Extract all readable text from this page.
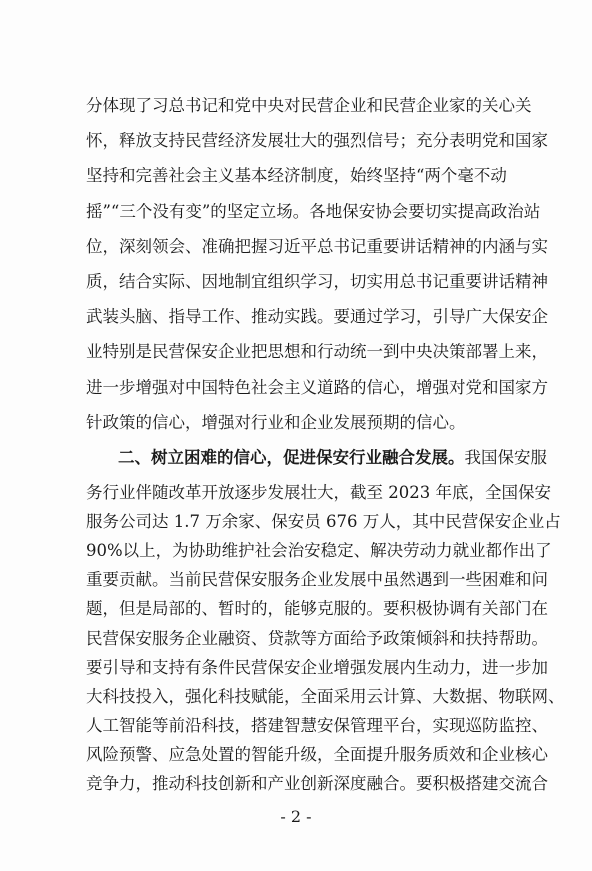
分体现了习总书记和党中央对民营企业和民营企业家的关心关
怀，释放支持民营经济发展壮大的强烈信号；充分表明党和国家
坚持和完善社会主义基本经济制度，始终坚持“两个毫不动
摇”“三个没有变”的坚定立场。各地保安协会要切实提高政治站
位，深刻领会、准确把握习近平总书记重要讲话精神的内涵与实
质，结合实际、因地制宜组织学习，切实用总书记重要讲话精神
武装头脑、指导工作、推动实践。要通过学习，引导广大保安企
业特别是民营保安企业把思想和行动统一到中央决策部署上来，
进一步增强对中国特色社会主义道路的信心，增强对党和国家方
针政策的信心，增强对行业和企业发展预期的信心。
二、树立困难的信心，促进保安行业融合发展。我国保安服
务行业伴随改革开放逐步发展壮大，截至 2023 年底，全国保安
服务公司达 1.7 万余家、保安员 676 万人，其中民营保安企业占
90%以上，为协助维护社会治安稳定、解决劳动力就业都作出了
重要贡献。当前民营保安服务企业发展中虽然遇到一些困难和问
题，但是局部的、暂时的，能够克服的。要积极协调有关部门在
民营保安服务企业融资、贷款等方面给予政策倾斜和扶持帮助。
要引导和支持有条件民营保安企业增强发展内生动力，进一步加
大科技投入，强化科技赋能，全面采用云计算、大数据、物联网、
人工智能等前沿科技，搭建智慧安保管理平台，实现巡防监控、
风险预警、应急处置的智能升级，全面提升服务质效和企业核心
竞争力，推动科技创新和产业创新深度融合。要积极搭建交流合
- 2 -
